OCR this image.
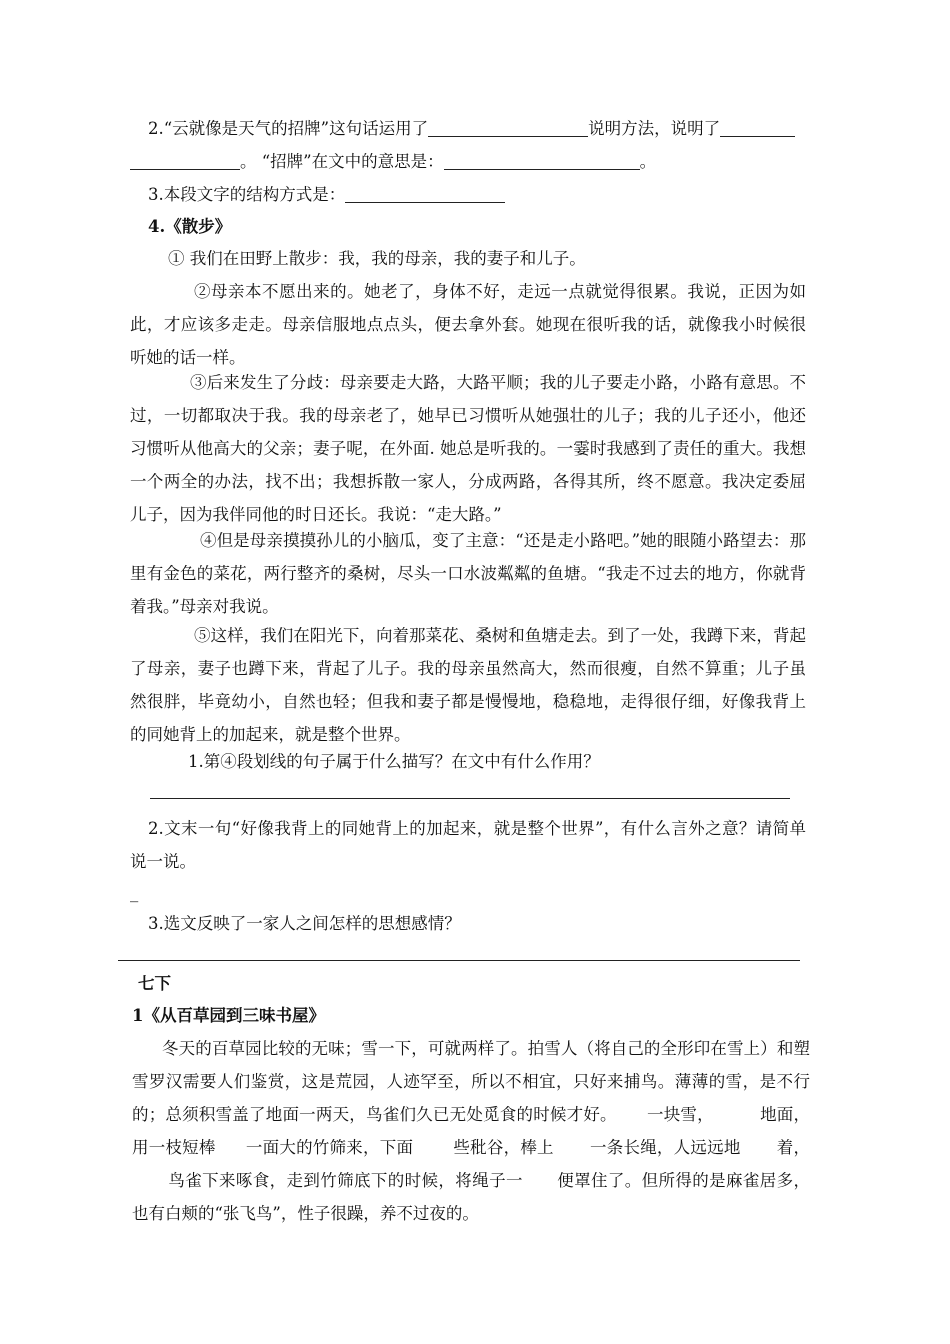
2.“云就像是天气的招牌”这句话运用了	说明方法，说明了
。 “招牌”在文中的意思是：	。

3.本段文字的结构方式是：

4.《散步》

① 我们在田野上散步：我，我的母亲，我的妻子和儿子。

②母亲本不愿出来的。她老了，身体不好，走远一点就觉得很累。我说，正因为如此，才应该多走走。母亲信服地点点头，便去拿外套。她现在很听我的话，就像我小时候很听她的话一样。

③后来发生了分歧：母亲要走大路，大路平顺；我的儿子要走小路，小路有意思。不过，一切都取决于我。我的母亲老了，她早已习惯听从她强壮的儿子；我的儿子还小，他还习惯听从他高大的父亲；妻子呢，在外面. 她总是听我的。一霎时我感到了责任的重大。我想一个两全的办法，找不出；我想拆散一家人，分成两路，各得其所，终不愿意。我决定委屈儿子，因为我伴同他的时日还长。我说：“走大路。”

④但是母亲摸摸孙儿的小脑瓜，变了主意：“还是走小路吧。”她的眼随小路望去：那里有金色的菜花，两行整齐的桑树，尽头一口水波粼粼的鱼塘。“我走不过去的地方，你就背着我。”母亲对我说。

⑤这样，我们在阳光下，向着那菜花、桑树和鱼塘走去。到了一处，我蹲下来，背起了母亲，妻子也蹲下来，背起了儿子。我的母亲虽然高大，然而很瘦，自然不算重；儿子虽然很胖，毕竟幼小，自然也轻；但我和妻子都是慢慢地，稳稳地，走得很仔细，好像我背上的同她背上的加起来，就是整个世界。

1.第④段划线的句子属于什么描写？在文中有什么作用？

2.文末一句“好像我背上的同她背上的加起来，就是整个世界”，有什么言外之意？请简单说一说。

_

3.选文反映了一家人之间怎样的思想感情？

七下

1《从百草园到三味书屋》

冬天的百草园比较的无味；雪一下，可就两样了。拍雪人（将自己的全形印在雪上）和塑雪罗汉需要人们鉴赏，这是荒园，人迹罕至，所以不相宜，只好来捕鸟。薄薄的雪，是不行的；总须积雪盖了地面一两天，鸟雀们久已无处觅食的时候才好。 一块雪，	地面，用一枝短棒 一面大的竹筛来，下面 些秕谷，棒上 一条长绳，人远远地 着，鸟雀下来啄食，走到竹筛底下的时候，将绳子一 便罩住了。但所得的是麻雀居多，也有白颊的“张飞鸟”，性子很躁，养不过夜的。
